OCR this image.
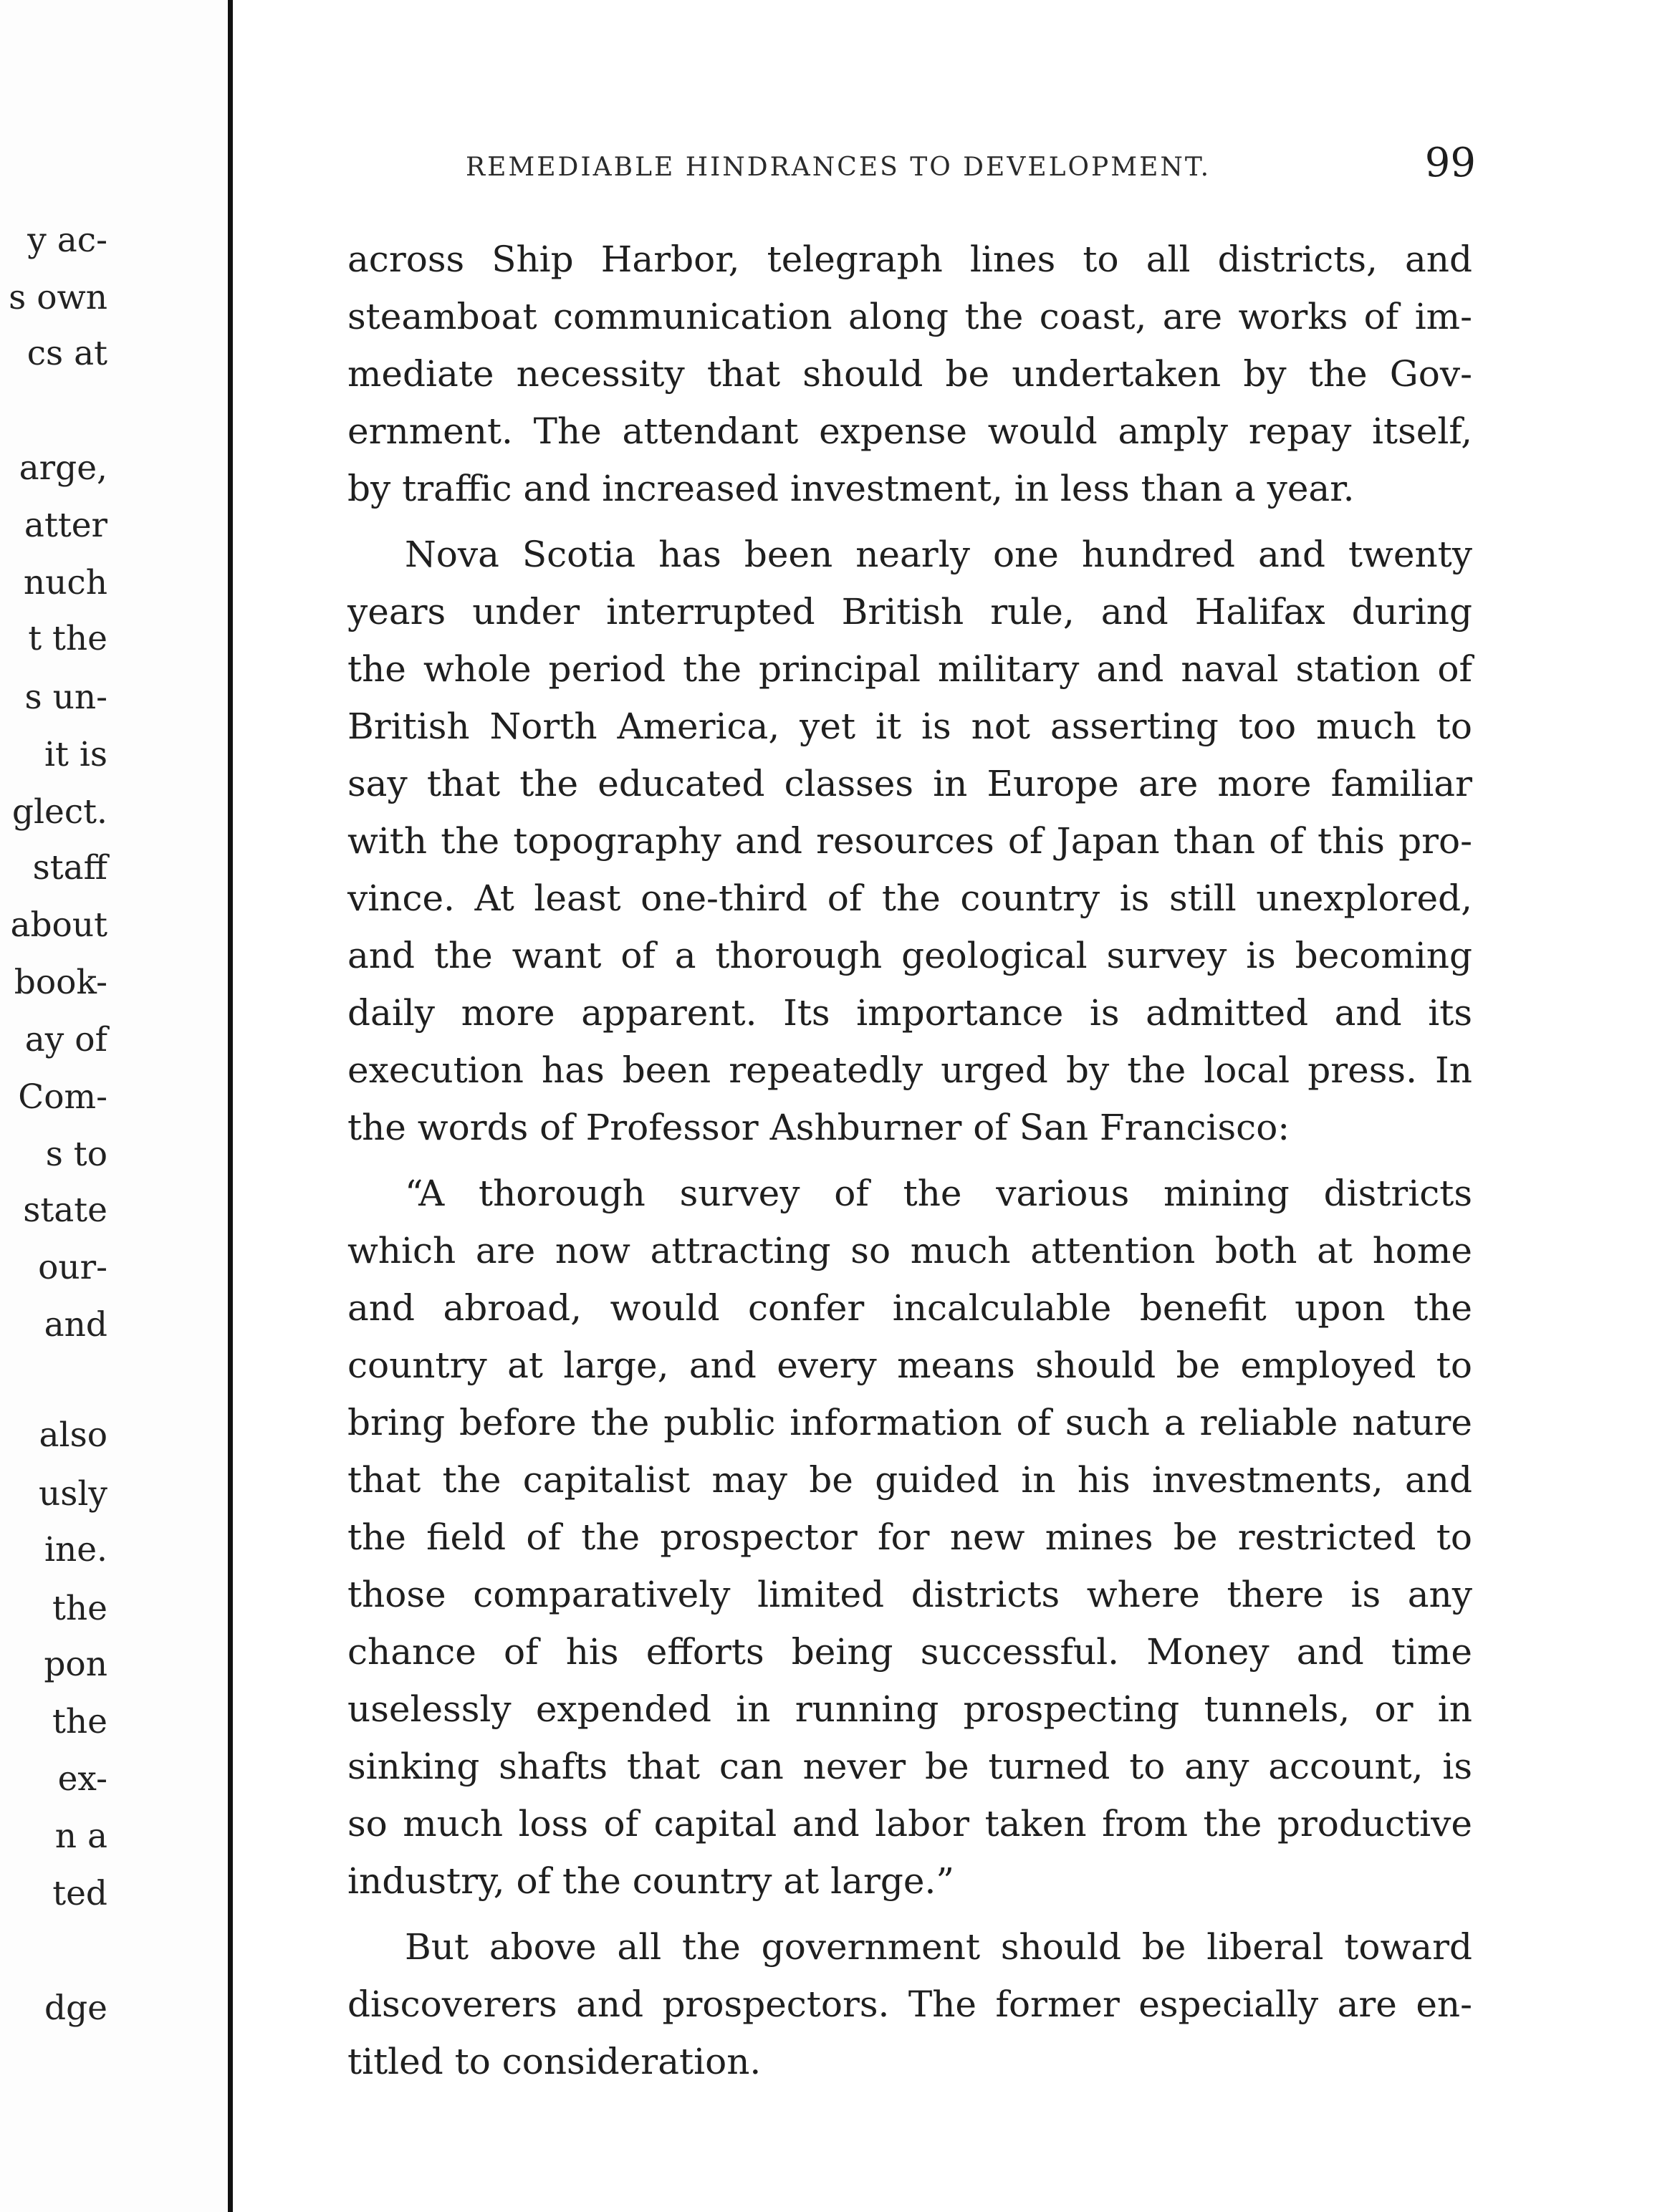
y ac-
s own
cs at
arge,
atter
nuch
t the
s un-
it is
glect.
staff
about
book-
ay of
Com-
s to
state
our-
and
also
usly
ine.
the
pon
the
ex-
n a
ted
dge
REMEDIABLE HINDRANCES TO DEVELOPMENT.	99
across Ship Harbor, telegraph lines to all districts, and
steamboat communication along the coast, are works of im-
mediate necessity that should be undertaken by the Gov-
ernment. The attendant expense would amply repay itself,
by traffic and increased investment, in less than a year.
Nova Scotia has been nearly one hundred and twenty
years under interrupted British rule, and Halifax during
the whole period the principal military and naval station of
British North America, yet it is not asserting too much to
say that the educated classes in Europe are more familiar
with the topography and resources of Japan than of this pro-
vince. At least one-third of the country is still unexplored,
and the want of a thorough geological survey is becoming
daily more apparent. Its importance is admitted and its
execution has been repeatedly urged by the local press. In
the words of Professor Ashburner of San Francisco:
“A thorough survey of the various mining districts
which are now attracting so much attention both at home
and abroad, would confer incalculable benefit upon the
country at large, and every means should be employed to
bring before the public information of such a reliable nature
that the capitalist may be guided in his investments, and
the field of the prospector for new mines be restricted to
those comparatively limited districts where there is any
chance of his efforts being successful. Money and time
uselessly expended in running prospecting tunnels, or in
sinking shafts that can never be turned to any account, is
so much loss of capital and labor taken from the productive
industry, of the country at large.”
But above all the government should be liberal toward
discoverers and prospectors. The former especially are en-
titled to consideration.
